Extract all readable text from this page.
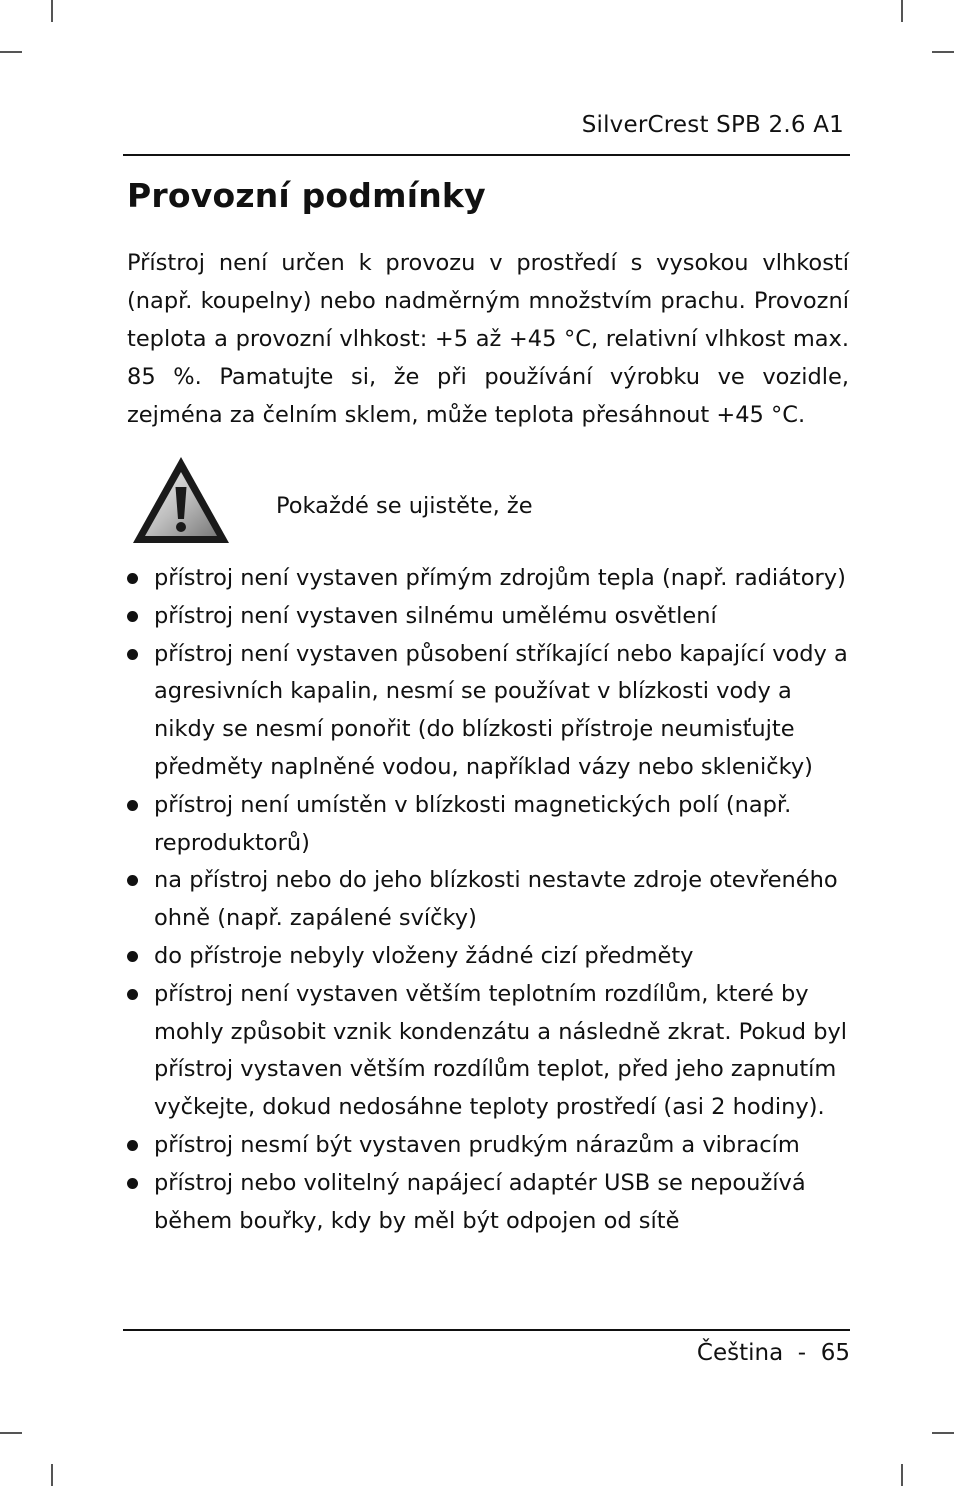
SilverCrest SPB 2.6 A1
Provozní podmínky

Přístroj není určen k provozu v prostředí s vysokou vlhkostí (např. koupelny) nebo nadměrným množstvím prachu. Provozní teplota a provozní vlhkost: +5 až +45 °C, relativní vlhkost max. 85 %. Pamatujte si, že při používání výrobku ve vozidle, zejména za čelním sklem, může teplota přesáhnout +45 °C.

Pokaždé se ujistěte, že
přístroj není vystaven přímým zdrojům tepla (např. radiátory)
přístroj není vystaven silnému umělému osvětlení
přístroj není vystaven působení stříkající nebo kapající vody a agresivních kapalin, nesmí se používat v blízkosti vody a nikdy se nesmí ponořit (do blízkosti přístroje neumisťujte předměty naplněné vodou, například vázy nebo skleničky)
přístroj není umístěn v blízkosti magnetických polí (např. reproduktorů)
na přístroj nebo do jeho blízkosti nestavte zdroje otevřeného ohně (např. zapálené svíčky)
do přístroje nebyly vloženy žádné cizí předměty
přístroj není vystaven větším teplotním rozdílům, které by mohly způsobit vznik kondenzátu a následně zkrat. Pokud byl přístroj vystaven větším rozdílům teplot, před jeho zapnutím vyčkejte, dokud nedosáhne teploty prostředí (asi 2 hodiny).
přístroj nesmí být vystaven prudkým nárazům a vibracím
přístroj nebo volitelný napájecí adaptér USB se nepoužívá během bouřky, kdy by měl být odpojen od sítě
Čeština  -  65
